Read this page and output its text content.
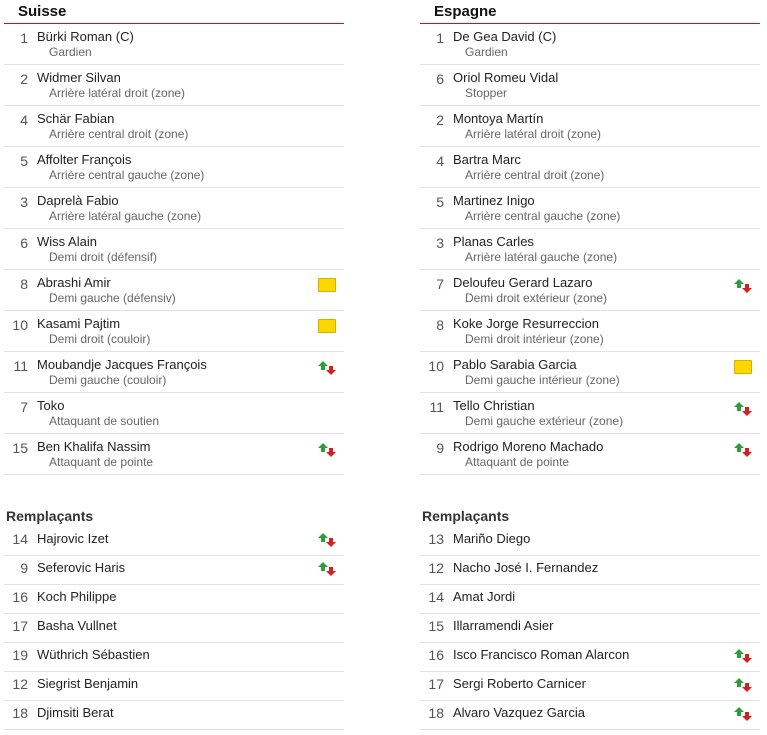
Suisse
1 Bürki Roman (C)
Gardien
2 Widmer Silvan
Arrière latéral droit (zone)
4 Schär Fabian
Arrière central droit (zone)
5 Affolter François
Arrière central gauche (zone)
3 Daprelà Fabio
Arrière latéral gauche (zone)
6 Wiss Alain
Demi droit (défensif)
8 Abrashi Amir
Demi gauche (défensiv)
10 Kasami Pajtim
Demi droit (couloir)
11 Moubandje Jacques François
Demi gauche (couloir)
7 Toko
Attaquant de soutien
15 Ben Khalifa Nassim
Attaquant de pointe
Remplaçants
14 Hajrovic Izet
9 Seferovic Haris
16 Koch Philippe
17 Basha Vullnet
19 Wüthrich Sébastien
12 Siegrist Benjamin
18 Djimsiti Berat
Espagne
1 De Gea David (C)
Gardien
6 Oriol Romeu Vidal
Stopper
2 Montoya Martín
Arrière latéral droit (zone)
4 Bartra Marc
Arrière central droit (zone)
5 Martinez Inigo
Arrière central gauche (zone)
3 Planas Carles
Arrière latéral gauche (zone)
7 Deloufeu Gerard Lazaro
Demi droit extérieur (zone)
8 Koke Jorge Resurreccion
Demi droit intérieur (zone)
10 Pablo Sarabia Garcia
Demi gauche intérieur (zone)
11 Tello Christian
Demi gauche extérieur (zone)
9 Rodrigo Moreno Machado
Attaquant de pointe
Remplaçants
13 Mariño Diego
12 Nacho José I. Fernandez
14 Amat Jordi
15 Illarramendi Asier
16 Isco Francisco Roman Alarcon
17 Sergi Roberto Carnicer
18 Alvaro Vazquez Garcia
